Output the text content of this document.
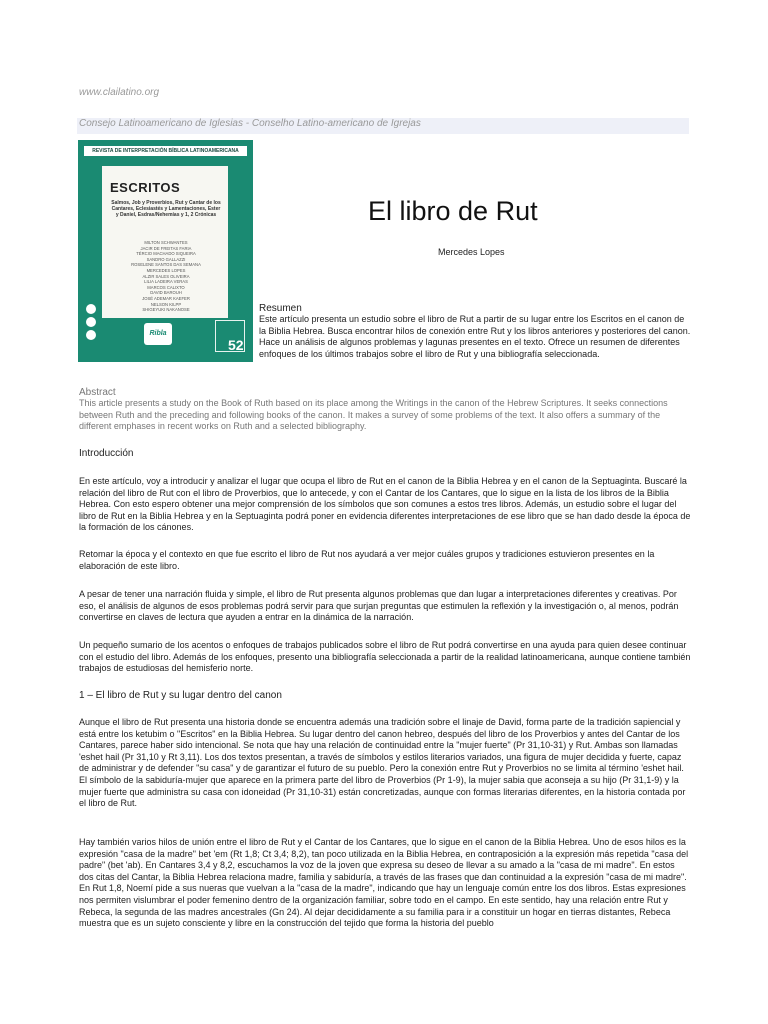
www.clailatino.org
Consejo Latinoamericano de Iglesias - Conselho Latino-americano de Igrejas
REVISTA DE INTERPRETACIÓN BÍBLICA LATINOAMERICANA
ESCRITOS
Salmos, Job y Proverbios, Rut y Cantar de los Cantares, Eclesiastés y Lamentaciones, Ester y Daniel, Esdras/Nehemías y 1, 2 Crónicas
MILTON SCHWANTES
JACIR DE FREITAS FARIA
TÉRCIO MACHADO SIQUEIRA
SANDRO GALLAZZI
ROSELENE SANTOS DAS SEMANA
MERCEDES LOPES
ALZIR SALES OLIVEIRA
LILIA LADEIRA VERAS
MARCOS CALIXTO
DAVID BAROUH
JOSÉ ADEMAR KAEFER
NELSON KILPP
SHIGEYUKI NAKANOSE
Ribla
52
El libro de Rut
Mercedes Lopes
Resumen
Este artículo presenta un estudio sobre el libro de Rut a partir de su lugar entre los Escritos en el canon de la Biblia Hebrea. Busca encontrar hilos de conexión entre Rut y los libros anteriores y posteriores del canon. Hace un análisis de algunos problemas y lagunas presentes en el texto. Ofrece un resumen de diferentes enfoques de los últimos trabajos sobre el libro de Rut y una bibliografía seleccionada.
Abstract
This article presents a study on the Book of Ruth based on its place among the Writings in the canon of the Hebrew Scriptures. It seeks connections between Ruth and the preceding and following books of the canon. It makes a survey of some problems of the text. It also offers a summary of the different emphases in recent works on Ruth and a selected bibliography.
Introducción

En este artículo, voy a introducir y analizar el lugar que ocupa el libro de Rut en el canon de la Biblia Hebrea y en el canon de la Septuaginta. Buscaré la relación del libro de Rut con el libro de Proverbios, que lo antecede, y con el Cantar de los Cantares, que lo sigue en la lista de los libros de la Biblia Hebrea. Con esto espero obtener una mejor comprensión de los símbolos que son comunes a estos tres libros. Además, un estudio sobre el lugar del libro de Rut en la Biblia Hebrea y en la Septuaginta podrá poner en evidencia diferentes interpretaciones de ese libro que se han dado desde la época de la formación de los cánones.

Retomar la época y el contexto en que fue escrito el libro de Rut nos ayudará a ver mejor cuáles grupos y tradiciones estuvieron presentes en la elaboración de este libro.

A pesar de tener una narración fluida y simple, el libro de Rut presenta algunos problemas que dan lugar a interpretaciones diferentes y creativas. Por eso, el análisis de algunos de esos problemas podrá servir para que surjan preguntas que estimulen la reflexión y la investigación o, al menos, podrán convertirse en claves de lectura que ayuden a entrar en la dinámica de la narración.

Un pequeño sumario de los acentos o enfoques de trabajos publicados sobre el libro de Rut podrá convertirse en una ayuda para quien desee continuar con el estudio del libro. Además de los enfoques, presento una bibliografía seleccionada a partir de la realidad latinoamericana, aunque contiene también trabajos de estudiosas del hemisferio norte.

1 – El libro de Rut y su lugar dentro del canon

Aunque el libro de Rut presenta una historia donde se encuentra además una tradición sobre el linaje de David, forma parte de la tradición sapiencial y está entre los ketubim o "Escritos" en la Biblia Hebrea. Su lugar dentro del canon hebreo, después del libro de los Proverbios y antes del Cantar de los Cantares, parece haber sido intencional. Se nota que hay una relación de continuidad entre la "mujer fuerte" (Pr 31,10-31) y Rut. Ambas son llamadas 'eshet hail (Pr 31,10 y Rt 3,11). Los dos textos presentan, a través de símbolos y estilos literarios variados, una figura de mujer decidida y fuerte, capaz de administrar y de defender "su casa" y de garantizar el futuro de su pueblo. Pero la conexión entre Rut y Proverbios no se limita al término 'eshet hail. El símbolo de la sabiduría-mujer que aparece en la primera parte del libro de Proverbios (Pr 1-9), la mujer sabia que aconseja a su hijo (Pr 31,1-9) y la mujer fuerte que administra su casa con idoneidad (Pr 31,10-31) están concretizadas, aunque con formas literarias diferentes, en la historia contada por el libro de Rut.

Hay también varios hilos de unión entre el libro de Rut y el Cantar de los Cantares, que lo sigue en el canon de la Biblia Hebrea. Uno de esos hilos es la expresión "casa de la madre" bet 'em (Rt 1,8; Ct 3,4; 8,2), tan poco utilizada en la Biblia Hebrea, en contraposición a la expresión más repetida "casa del padre" (bet 'ab). En Cantares 3,4 y 8,2, escuchamos la voz de la joven que expresa su deseo de llevar a su amado a la "casa de mi madre". En estos dos citas del Cantar, la Biblia Hebrea relaciona madre, familia y sabiduría, a través de las frases que dan continuidad a la expresión "casa de mi madre". En Rut 1,8, Noemí pide a sus nueras que vuelvan a la "casa de la madre", indicando que hay un lenguaje común entre los dos libros. Estas expresiones nos permiten vislumbrar el poder femenino dentro de la organización familiar, sobre todo en el campo. En este sentido, hay una relación entre Rut y Rebeca, la segunda de las madres ancestrales (Gn 24). Al dejar decididamente a su familia para ir a constituir un hogar en tierras distantes, Rebeca muestra que es un sujeto consciente y libre en la construcción del tejido que forma la historia del pueblo
